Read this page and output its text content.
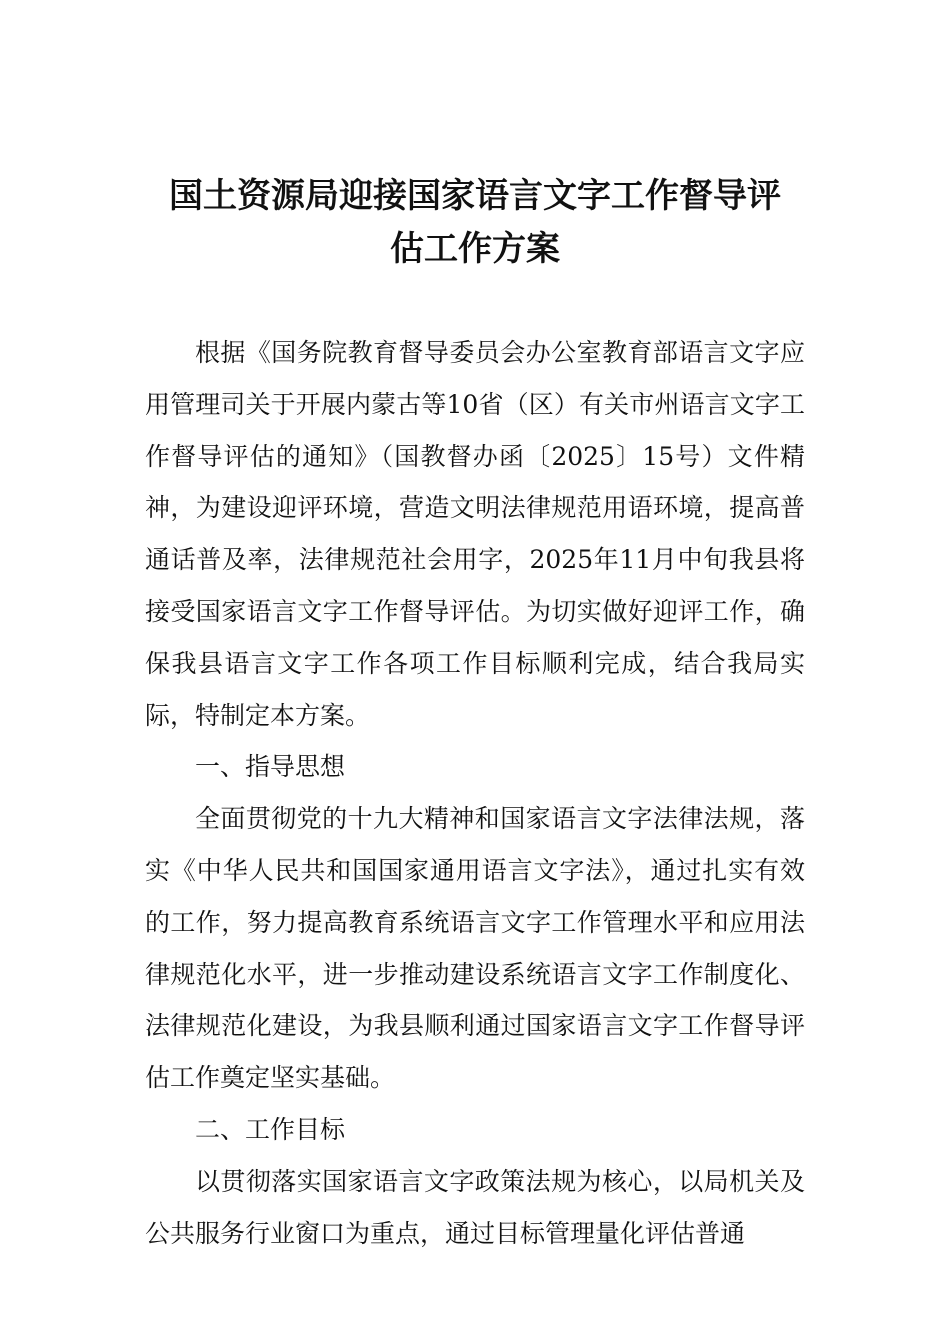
国土资源局迎接国家语言文字工作督导评
估工作方案

根据《国务院教育督导委员会办公室教育部语言文字应用管理司关于开展内蒙古等10省（区）有关市州语言文字工作督导评估的通知》（国教督办函〔2025〕15号）文件精神，为建设迎评环境，营造文明法律规范用语环境，提高普通话普及率，法律规范社会用字，2025年11月中旬我县将接受国家语言文字工作督导评估。为切实做好迎评工作，确保我县语言文字工作各项工作目标顺利完成，结合我局实际，特制定本方案。

一、指导思想

全面贯彻党的十九大精神和国家语言文字法律法规，落实《中华人民共和国国家通用语言文字法》，通过扎实有效的工作，努力提高教育系统语言文字工作管理水平和应用法律规范化水平，进一步推动建设系统语言文字工作制度化、法律规范化建设，为我县顺利通过国家语言文字工作督导评估工作奠定坚实基础。

二、工作目标

以贯彻落实国家语言文字政策法规为核心，以局机关及公共服务行业窗口为重点，通过目标管理量化评估普通
